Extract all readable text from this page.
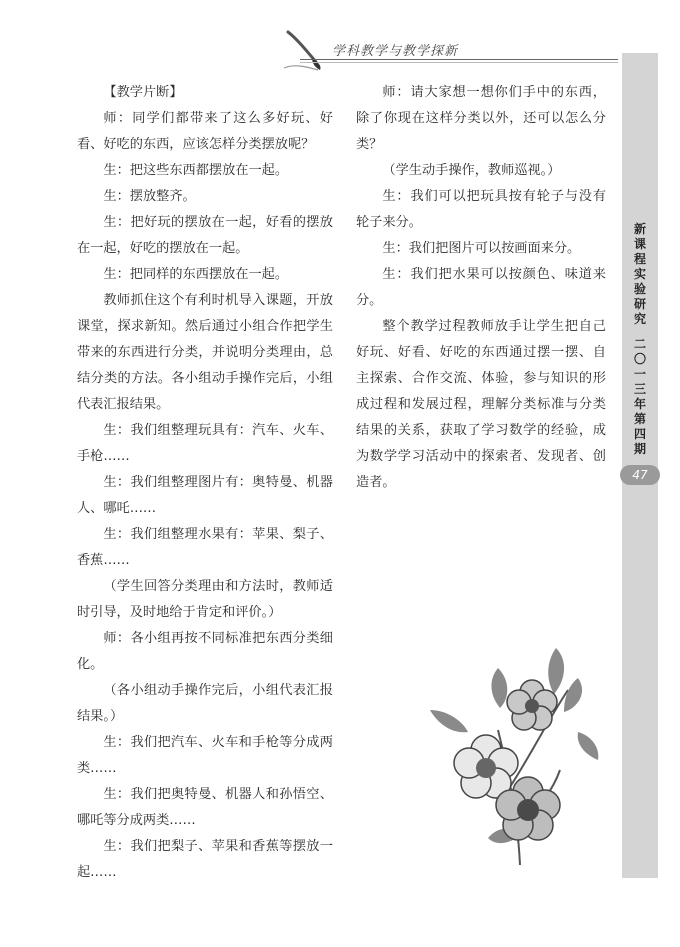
学科教学与教学探新
新
课
程
实
验
研
究
二
〇
一
三
年
第
四
期
47

【教学片断】

师：同学们都带来了这么多好玩、好看、好吃的东西，应该怎样分类摆放呢？

生：把这些东西都摆放在一起。

生：摆放整齐。

生：把好玩的摆放在一起，好看的摆放在一起，好吃的摆放在一起。

生：把同样的东西摆放在一起。

教师抓住这个有利时机导入课题，开放课堂，探求新知。然后通过小组合作把学生带来的东西进行分类，并说明分类理由，总结分类的方法。各小组动手操作完后，小组代表汇报结果。

生：我们组整理玩具有：汽车、火车、手枪……

生：我们组整理图片有：奥特曼、机器人、哪吒……

生：我们组整理水果有：苹果、梨子、香蕉……

（学生回答分类理由和方法时，教师适时引导，及时地给于肯定和评价。）

师：各小组再按不同标准把东西分类细化。

（各小组动手操作完后，小组代表汇报结果。）

生：我们把汽车、火车和手枪等分成两类……

生：我们把奥特曼、机器人和孙悟空、哪吒等分成两类……

生：我们把梨子、苹果和香蕉等摆放一起……

师：请大家想一想你们手中的东西，除了你现在这样分类以外，还可以怎么分类？

（学生动手操作，教师巡视。）

生：我们可以把玩具按有轮子与没有轮子来分。

生：我们把图片可以按画面来分。

生：我们把水果可以按颜色、味道来分。

整个教学过程教师放手让学生把自己好玩、好看、好吃的东西通过摆一摆、自主探索、合作交流、体验，参与知识的形成过程和发展过程，理解分类标准与分类结果的关系，获取了学习数学的经验，成为数学学习活动中的探索者、发现者、创造者。
